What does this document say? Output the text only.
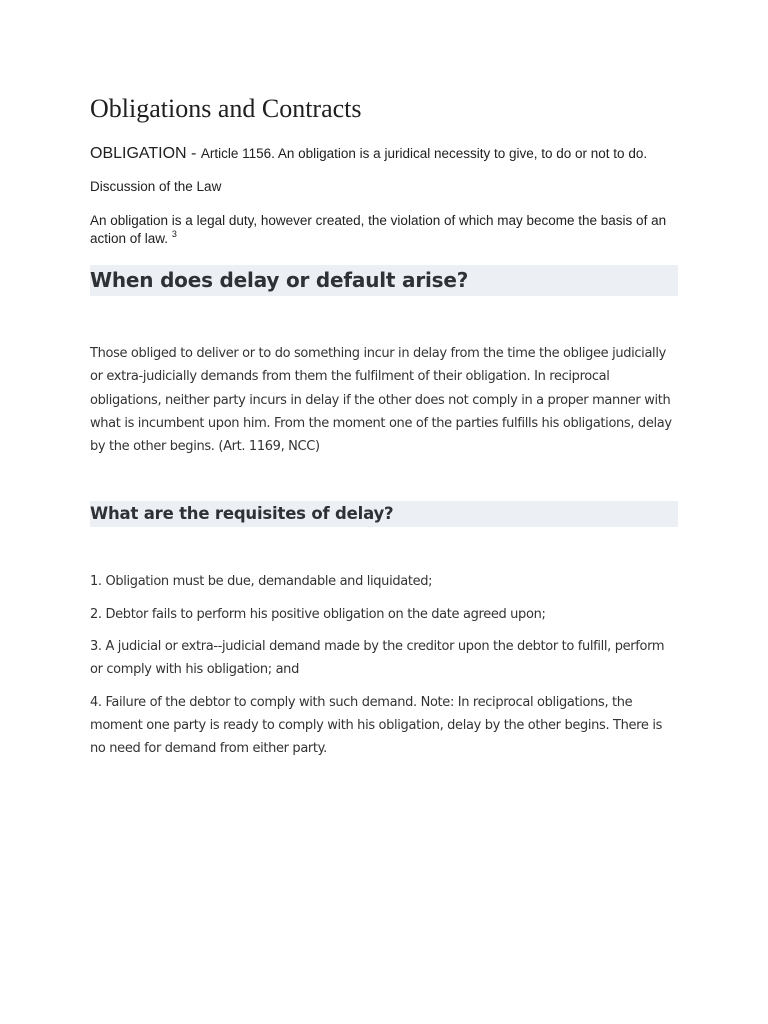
Obligations and Contracts
OBLIGATION - Article 1156. An obligation is a juridical necessity to give, to do or not to do.
Discussion of the Law
An obligation is a legal duty, however created, the violation of which may become the basis of an action of law. $^3$
When does delay or default arise?

Those obliged to deliver or to do something incur in delay from the time the obligee judicially or extra-judicially demands from them the fulfilment of their obligation. In reciprocal obligations, neither party incurs in delay if the other does not comply in a proper manner with what is incumbent upon him. From the moment one of the parties fulfills his obligations, delay by the other begins. (Art. 1169, NCC)

What are the requisites of delay?

1. Obligation must be due, demandable and liquidated;

2. Debtor fails to perform his positive obligation on the date agreed upon;

3. A judicial or extra--judicial demand made by the creditor upon the debtor to fulfill, perform or comply with his obligation; and

4. Failure of the debtor to comply with such demand. Note: In reciprocal obligations, the moment one party is ready to comply with his obligation, delay by the other begins. There is no need for demand from either party.
